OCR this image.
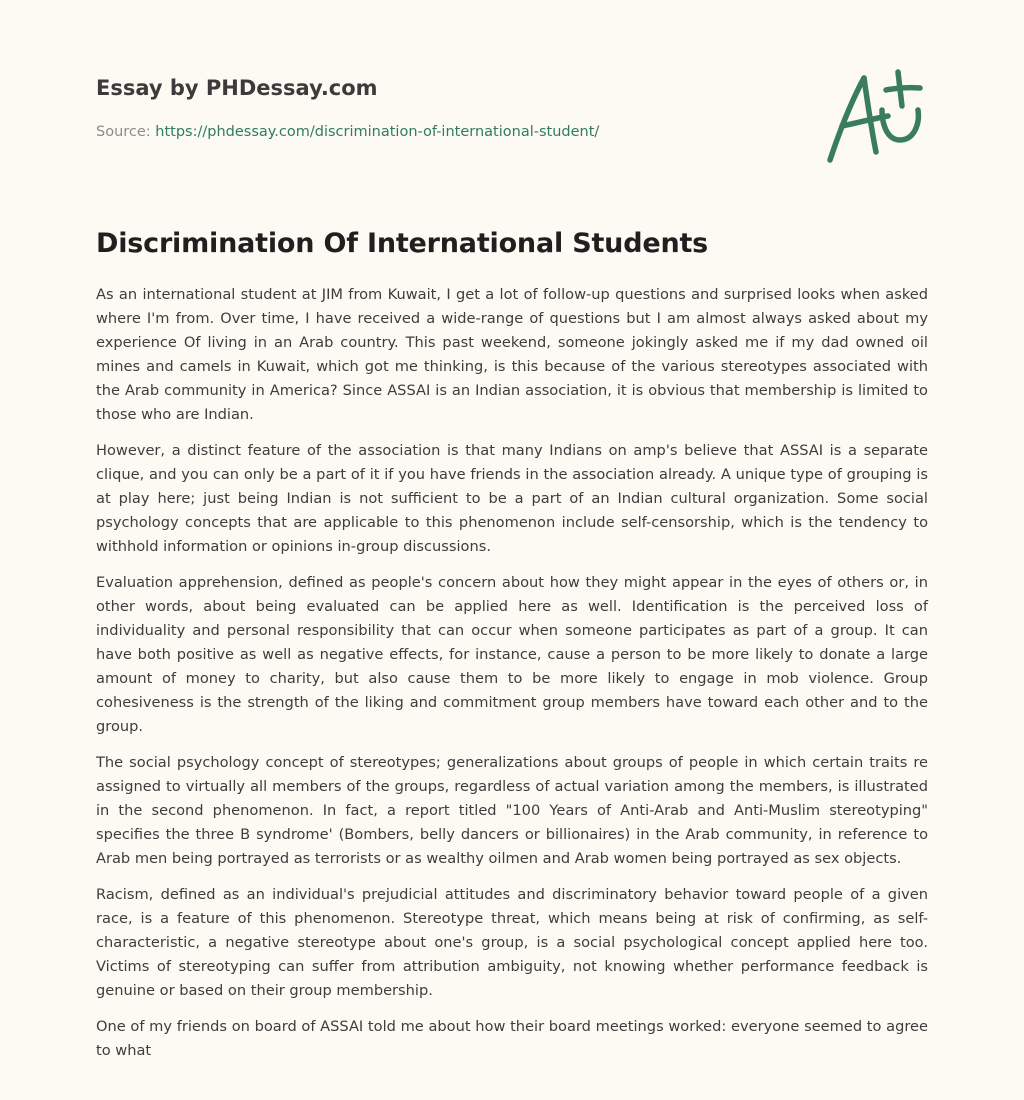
Essay by PHDessay.com
Source: https://phdessay.com/discrimination-of-international-student/
Discrimination Of International Students

As an international student at JIM from Kuwait, I get a lot of follow-up questions and surprised looks when asked where I'm from. Over time, I have received a wide-range of questions but I am almost always asked about my experience Of living in an Arab country. This past weekend, someone jokingly asked me if my dad owned oil mines and camels in Kuwait, which got me thinking, is this because of the various stereotypes associated with the Arab community in America? Since ASSAI is an Indian association, it is obvious that membership is limited to those who are Indian.

However, a distinct feature of the association is that many Indians on amp's believe that ASSAI is a separate clique, and you can only be a part of it if you have friends in the association already. A unique type of grouping is at play here; just being Indian is not sufficient to be a part of an Indian cultural organization. Some social psychology concepts that are applicable to this phenomenon include self-censorship, which is the tendency to withhold information or opinions in-group discussions.

Evaluation apprehension, defined as people's concern about how they might appear in the eyes of others or, in other words, about being evaluated can be applied here as well. Identification is the perceived loss of individuality and personal responsibility that can occur when someone participates as part of a group. It can have both positive as well as negative effects, for instance, cause a person to be more likely to donate a large amount of money to charity, but also cause them to be more likely to engage in mob violence. Group cohesiveness is the strength of the liking and commitment group members have toward each other and to the group.

The social psychology concept of stereotypes; generalizations about groups of people in which certain traits re assigned to virtually all members of the groups, regardless of actual variation among the members, is illustrated in the second phenomenon. In fact, a report titled "100 Years of Anti-Arab and Anti-Muslim stereotyping" specifies the three B syndrome' (Bombers, belly dancers or billionaires) in the Arab community, in reference to Arab men being portrayed as terrorists or as wealthy oilmen and Arab women being portrayed as sex objects.

Racism, defined as an individual's prejudicial attitudes and discriminatory behavior toward people of a given race, is a feature of this phenomenon. Stereotype threat, which means being at risk of confirming, as self-characteristic, a negative stereotype about one's group, is a social psychological concept applied here too. Victims of stereotyping can suffer from attribution ambiguity, not knowing whether performance feedback is genuine or based on their group membership.

One of my friends on board of ASSAI told me about how their board meetings worked: everyone seemed to agree to what
